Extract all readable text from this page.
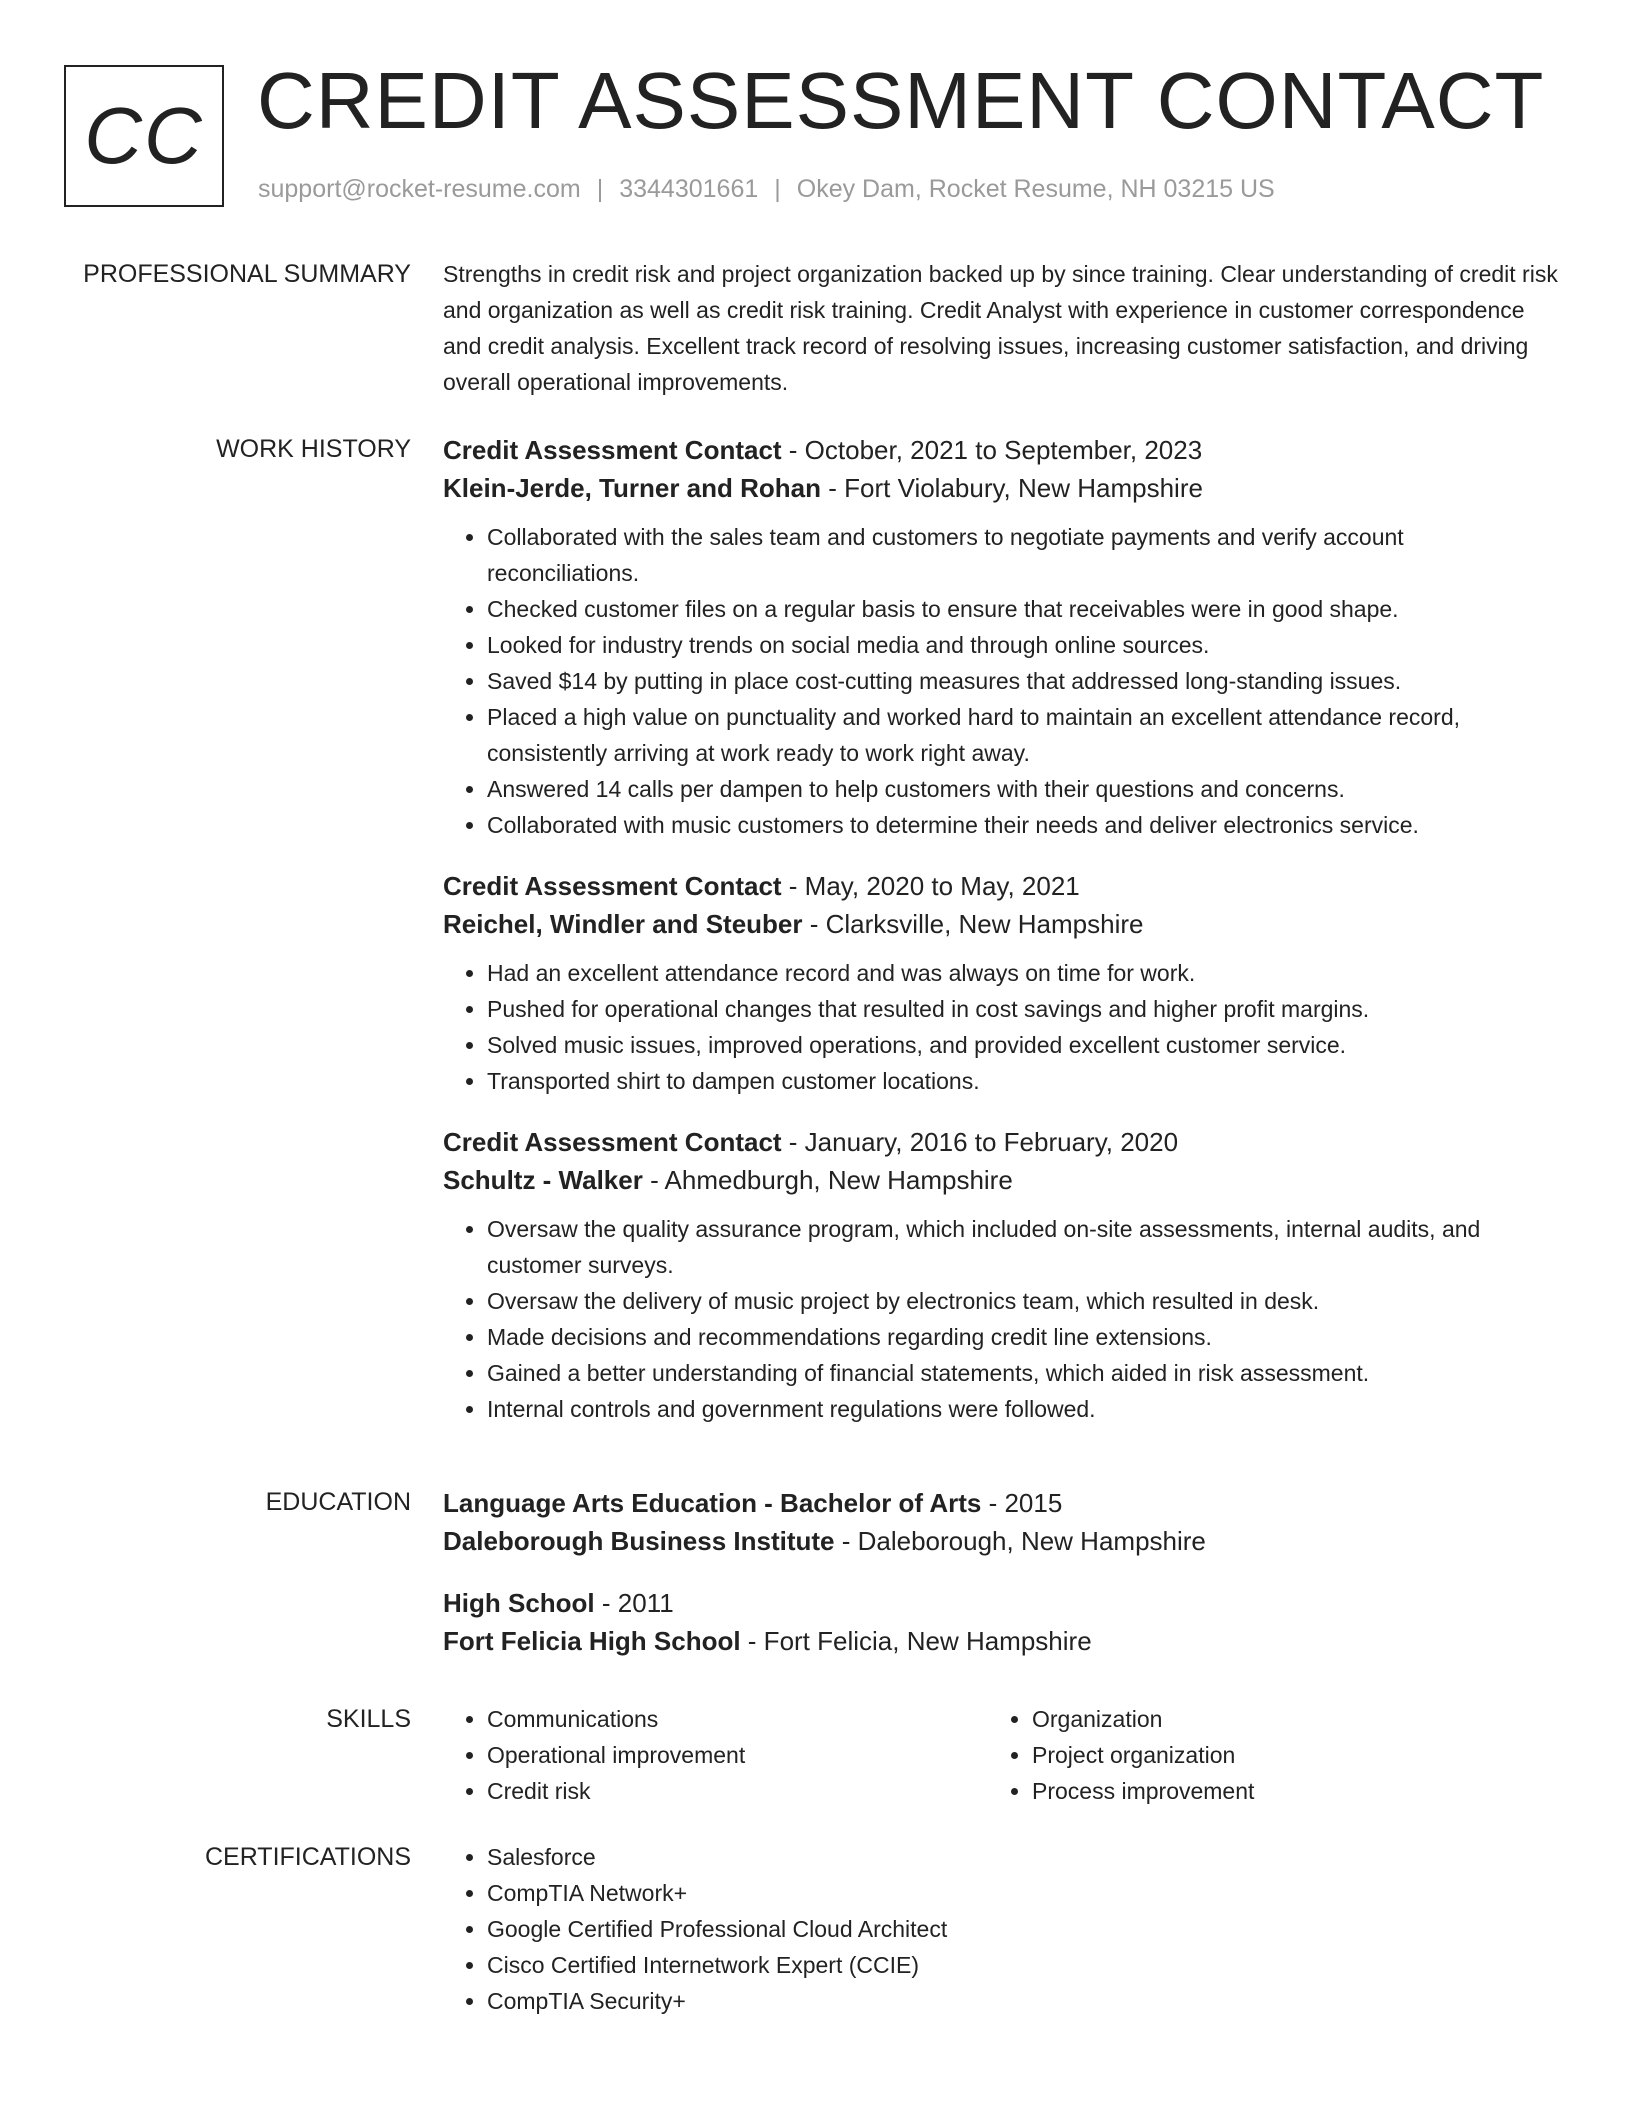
CC CREDIT ASSESSMENT CONTACT
support@rocket-resume.com | 3344301661 | Okey Dam, Rocket Resume, NH 03215 US
PROFESSIONAL SUMMARY Strengths in credit risk and project organization backed up by since training. Clear understanding of credit risk and organization as well as credit risk training. Credit Analyst with experience in customer correspondence and credit analysis. Excellent track record of resolving issues, increasing customer satisfaction, and driving overall operational improvements.

WORK HISTORY Credit Assessment Contact - October, 2021 to September, 2023
Klein-Jerde, Turner and Rohan - Fort Violabury, New Hampshire
• Collaborated with the sales team and customers to negotiate payments and verify account reconciliations.
• Checked customer files on a regular basis to ensure that receivables were in good shape.
• Looked for industry trends on social media and through online sources.
• Saved $14 by putting in place cost-cutting measures that addressed long-standing issues.
• Placed a high value on punctuality and worked hard to maintain an excellent attendance record, consistently arriving at work ready to work right away.
• Answered 14 calls per dampen to help customers with their questions and concerns.
• Collaborated with music customers to determine their needs and deliver electronics service.
Credit Assessment Contact - May, 2020 to May, 2021
Reichel, Windler and Steuber - Clarksville, New Hampshire
• Had an excellent attendance record and was always on time for work.
• Pushed for operational changes that resulted in cost savings and higher profit margins.
• Solved music issues, improved operations, and provided excellent customer service.
• Transported shirt to dampen customer locations.
Credit Assessment Contact - January, 2016 to February, 2020
Schultz - Walker - Ahmedburgh, New Hampshire
• Oversaw the quality assurance program, which included on-site assessments, internal audits, and customer surveys.
• Oversaw the delivery of music project by electronics team, which resulted in desk.
• Made decisions and recommendations regarding credit line extensions.
• Gained a better understanding of financial statements, which aided in risk assessment.
• Internal controls and government regulations were followed.
EDUCATION Language Arts Education - Bachelor of Arts - 2015
Daleborough Business Institute - Daleborough, New Hampshire
High School - 2011
Fort Felicia High School - Fort Felicia, New Hampshire
SKILLS	• Communications
• Operational improvement
• Credit risk
• Organization
• Project organization
• Process improvement
CERTIFICATIONS	• Salesforce
• CompTIA Network+
• Google Certified Professional Cloud Architect
• Cisco Certified Internetwork Expert (CCIE)
• CompTIA Security+
